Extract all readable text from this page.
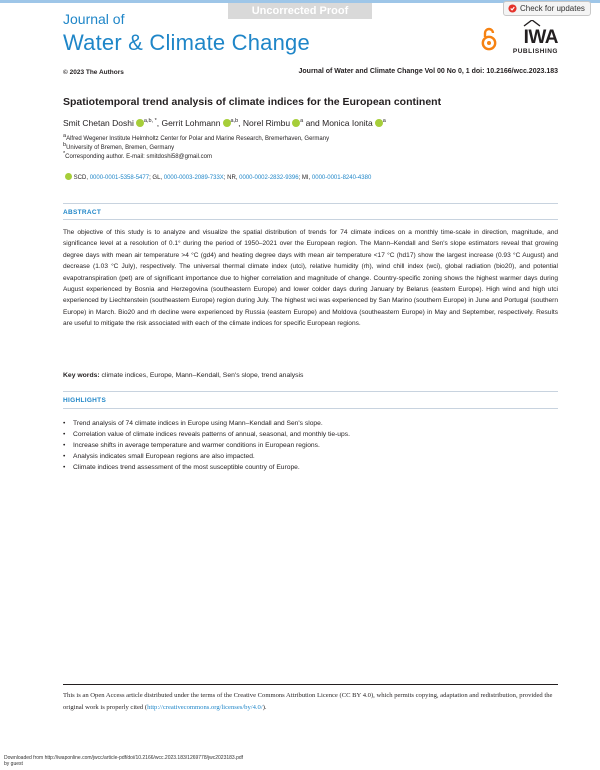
Uncorrected Proof
Journal of
Water & Climate Change
Check for updates
IWA
PUBLISHING
© 2023 The Authors	Journal of Water and Climate Change Vol 00 No 0, 1 doi: 10.2166/wcc.2023.183
Spatiotemporal trend analysis of climate indices for the European continent
Smit Chetan Doshi $^{a,b, *}$, Gerrit Lohmann $^{a,b}$, Norel Rimbu $^a$ and Monica Ionita $^a$
aAlfred Wegener Institute Helmholtz Center for Polar and Marine Research, Bremerhaven, Germany
bUniversity of Bremen, Bremen, Germany
*Corresponding author. E-mail: smitdoshi58@gmail.com
SCD, 0000-0001-5358-5477; GL, 0000-0003-2089-733X; NR, 0000-0002-2832-9396; MI, 0000-0001-8240-4380
ABSTRACT
The objective of this study is to analyze and visualize the spatial distribution of trends for 74 climate indices on a monthly time-scale in direction, magnitude, and significance level at a resolution of 0.1° during the period of 1950–2021 over the European region. The Mann–Kendall and Sen's slope estimators reveal that growing degree days with mean air temperature >4 °C (gd4) and heating degree days with mean air temperature <17 °C (hd17) show the largest increase (0.93 °C August) and decrease (1.03 °C July), respectively. The universal thermal climate index (utci), relative humidity (rh), wind chill index (wci), global radiation (bio20), and potential evapotranspiration (pet) are of significant importance due to higher correlation and magnitude of change. Country-specific zoning shows the highest warmer days during August experienced by Bosnia and Herzegovina (southeastern Europe) and lower colder days during January by Belarus (eastern Europe). High wind and high utci experienced by Liechtenstein (southeastern Europe) region during July. The highest wci was experienced by San Marino (southern Europe) in June and Portugal (southern Europe) in March. Bio20 and rh decline were experienced by Russia (eastern Europe) and Moldova (southeastern Europe) in May and September, respectively. Results are useful to mitigate the risk associated with each of the climate indices for specific European regions.
Key words: climate indices, Europe, Mann–Kendall, Sen's slope, trend analysis
HIGHLIGHTS
• Trend analysis of 74 climate indices in Europe using Mann–Kendall and Sen's slope.
• Correlation value of climate indices reveals patterns of annual, seasonal, and monthly tie-ups.
• Increase shifts in average temperature and warmer conditions in European regions.
• Analysis indicates small European regions are also impacted.
• Climate indices trend assessment of the most susceptible country of Europe.
This is an Open Access article distributed under the terms of the Creative Commons Attribution Licence (CC BY 4.0), which permits copying, adaptation and redistribution, provided the original work is properly cited (http://creativecommons.org/licenses/by/4.0/).
Downloaded from http://iwaponline.com/jwcc/article-pdf/doi/10.2166/wcc.2023.183/1269778/jwc2023183.pdf
by guest
